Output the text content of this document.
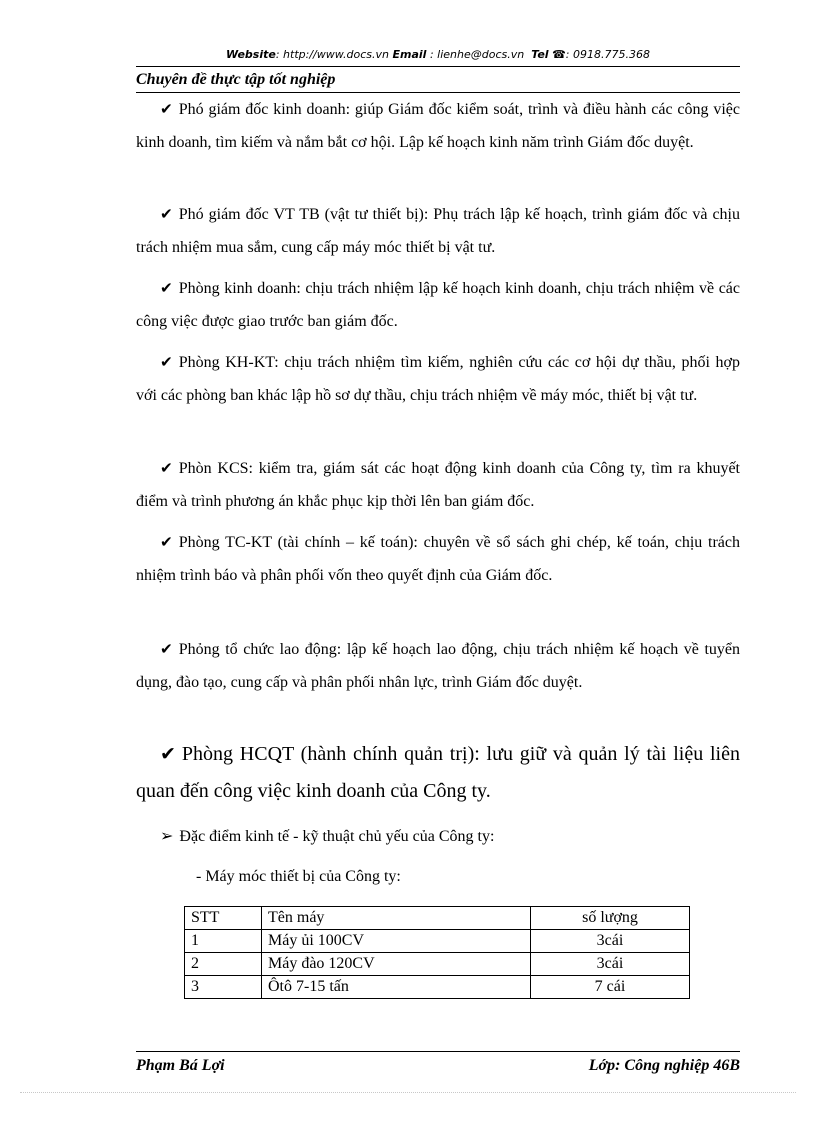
Website: http://www.docs.vn Email : lienhe@docs.vn Tel ☎: 0918.775.368
Chuyên đề thực tập tốt nghiệp

✔ Phó giám đốc kinh doanh: giúp Giám đốc kiểm soát, trình và điều hành các công việc kinh doanh, tìm kiếm và nắm bắt cơ hội. Lập kế hoạch kinh năm trình Giám đốc duyệt.

✔ Phó giám đốc VT TB (vật tư thiết bị): Phụ trách lập kế hoạch, trình giám đốc và chịu trách nhiệm mua sắm, cung cấp máy móc thiết bị vật tư.

✔ Phòng kinh doanh: chịu trách nhiệm lập kế hoạch kinh doanh, chịu trách nhiệm về các công việc được giao trước ban giám đốc.

✔ Phòng KH-KT: chịu trách nhiệm tìm kiếm, nghiên cứu các cơ hội dự thầu, phối hợp với các phòng ban khác lập hồ sơ dự thầu, chịu trách nhiệm về máy móc, thiết bị vật tư.

✔ Phòn KCS: kiểm tra, giám sát các hoạt động kinh doanh của Công ty, tìm ra khuyết điểm và trình phương án khắc phục kịp thời lên ban giám đốc.

✔ Phòng TC-KT (tài chính – kế toán): chuyên về sổ sách ghi chép, kế toán, chịu trách nhiệm trình báo và phân phối vốn theo quyết định của Giám đốc.

✔ Phỏng tổ chức lao động: lập kế hoạch lao động, chịu trách nhiệm kế hoạch về tuyển dụng, đào tạo, cung cấp và phân phối nhân lực, trình Giám đốc duyệt.

✔ Phòng HCQT (hành chính quản trị): lưu giữ và quản lý tài liệu liên quan đến công việc kinh doanh của Công ty.

➢ Đặc điểm kinh tế - kỹ thuật chủ yếu của Công ty:
- Máy móc thiết bị của Công ty:
STT	Tên máy	số lượng
1	Máy ủi 100CV	3cái
2	Máy đào 120CV	3cái
3	Ôtô 7-15 tấn	7 cái
Phạm Bá Lợi	Lớp: Công nghiệp 46B
